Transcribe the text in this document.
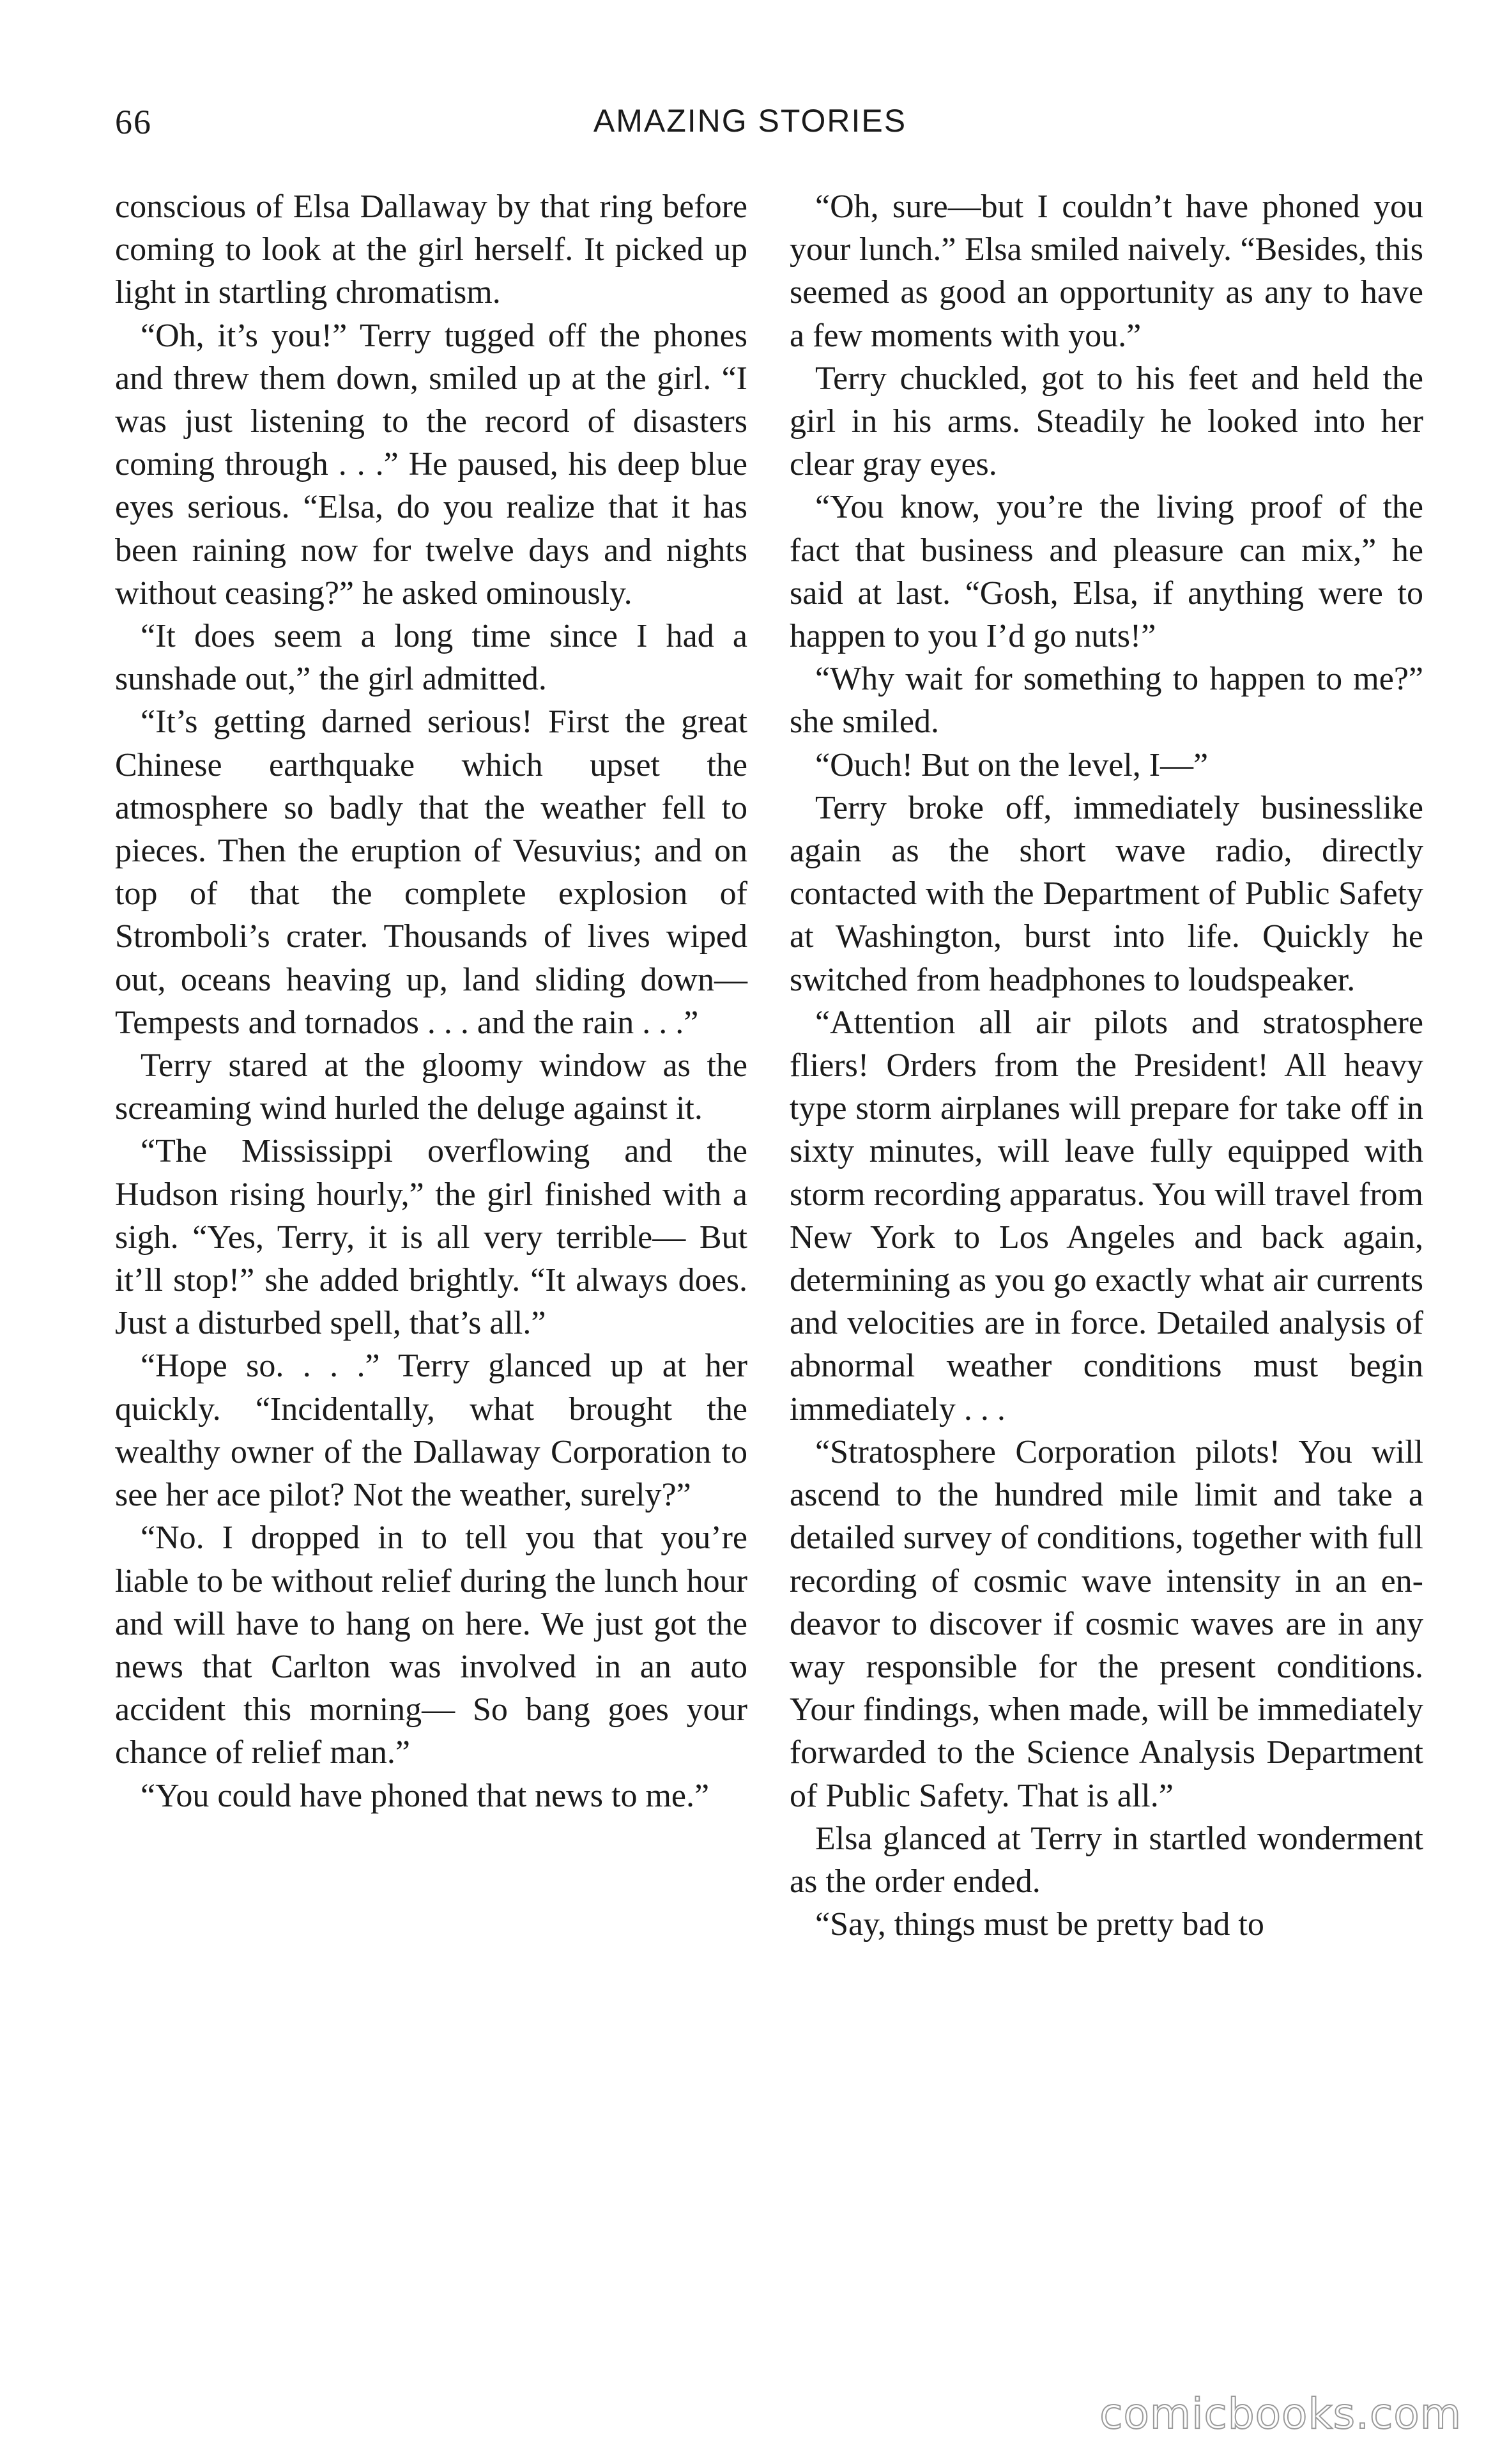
66	AMAZING STORIES

conscious of Elsa Dallaway by that ring before coming to look at the girl herself. It picked up light in startling chromatism.

“Oh, it’s you!” Terry tugged off the phones and threw them down, smiled up at the girl. “I was just listening to the record of disasters coming through . . .” He paused, his deep blue eyes serious. “Elsa, do you realize that it has been raining now for twelve days and nights without ceasing?” he asked ominously.

“It does seem a long time since I had a sunshade out,” the girl admitted.

“It’s getting darned serious! First the great Chinese earthquake which upset the atmosphere so badly that the weather fell to pieces. Then the eruption of Vesuvius; and on top of that the complete explosion of Stromboli’s crater. Thousands of lives wiped out, oceans heaving up, land sliding down— Tempests and tornados . . . and the rain . . .”

Terry stared at the gloomy window as the screaming wind hurled the deluge against it.

“The Mississippi overflowing and the Hudson rising hourly,” the girl finished with a sigh. “Yes, Terry, it is all very terrible— But it’ll stop!” she added brightly. “It always does. Just a disturbed spell, that’s all.”

“Hope so. . . .” Terry glanced up at her quickly. “Incidentally, what brought the wealthy owner of the Dallaway Corporation to see her ace pilot? Not the weather, surely?”

“No. I dropped in to tell you that you’re liable to be without relief during the lunch hour and will have to hang on here. We just got the news that Carlton was involved in an auto accident this morning— So bang goes your chance of relief man.”

“You could have phoned that news to me.”

“Oh, sure—but I couldn’t have phoned you your lunch.” Elsa smiled naively. “Besides, this seemed as good an opportunity as any to have a few moments with you.”

Terry chuckled, got to his feet and held the girl in his arms. Steadily he looked into her clear gray eyes.

“You know, you’re the living proof of the fact that business and pleasure can mix,” he said at last. “Gosh, Elsa, if anything were to happen to you I’d go nuts!”

“Why wait for something to happen to me?” she smiled.

“Ouch! But on the level, I—”

Terry broke off, immediately businesslike again as the short wave radio, directly contacted with the Department of Public Safety at Washington, burst into life. Quickly he switched from headphones to loudspeaker.

“Attention all air pilots and stratosphere fliers! Orders from the President! All heavy type storm airplanes will prepare for take off in sixty minutes, will leave fully equipped with storm recording apparatus. You will travel from New York to Los Angeles and back again, determining as you go exactly what air currents and velocities are in force. Detailed analysis of abnormal weather conditions must begin immediately . . .

“Stratosphere Corporation pilots! You will ascend to the hundred mile limit and take a detailed survey of conditions, together with full recording of cosmic wave intensity in an endeavor to discover if cosmic waves are in any way responsible for the present conditions. Your findings, when made, will be immediately forwarded to the Science Analysis Department of Public Safety. That is all.”

Elsa glanced at Terry in startled wonderment as the order ended.

“Say, things must be pretty bad to

comicbooks.com
